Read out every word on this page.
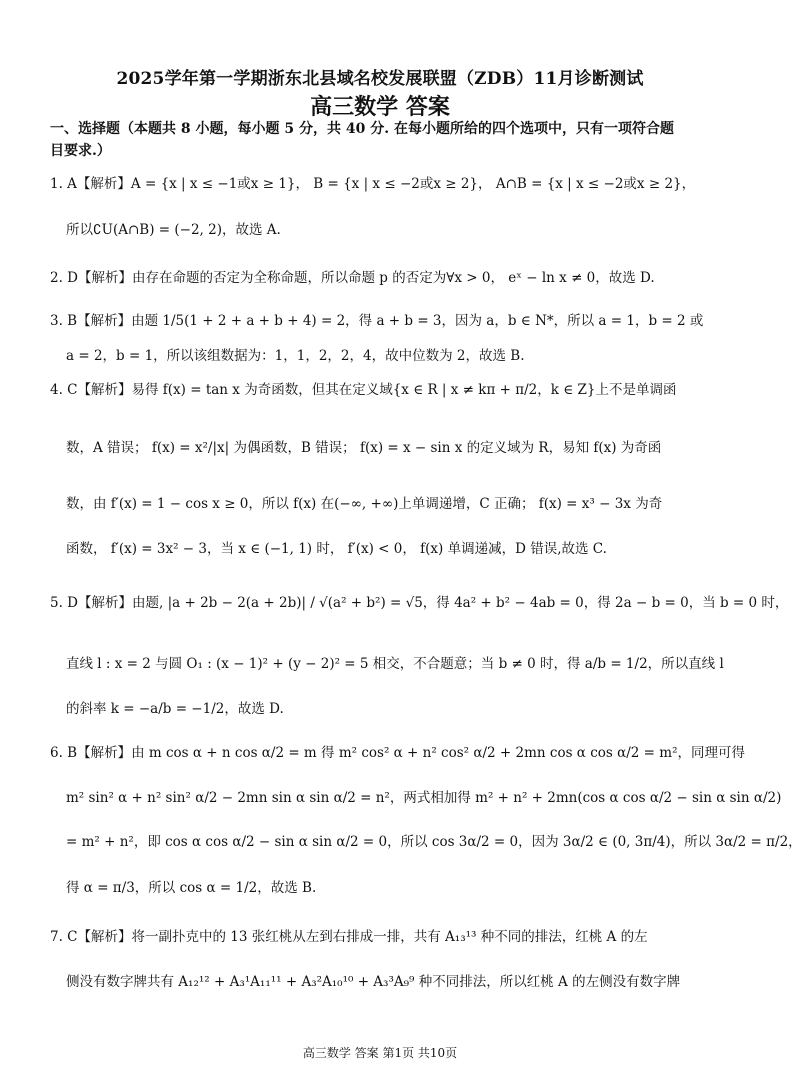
2025学年第一学期浙东北县域名校发展联盟（ZDB）11月诊断测试
高三数学 答案
一、选择题（本题共 8 小题，每小题 5 分，共 40 分. 在每小题所给的四个选项中，只有一项符合题
目要求.）
1. A【解析】A = {x | x ≤ −1或x ≥ 1}， B = {x | x ≤ −2或x ≥ 2}， A∩B = {x | x ≤ −2或x ≥ 2}，
所以∁U(A∩B) = (−2, 2)，故选 A.
2. D【解析】由存在命题的否定为全称命题，所以命题 p 的否定为∀x > 0， eˣ − ln x ≠ 0，故选 D.
3. B【解析】由题 1/5(1 + 2 + a + b + 4) = 2，得 a + b = 3，因为 a，b ∈ N*，所以 a = 1，b = 2 或
a = 2，b = 1，所以该组数据为：1，1，2，2，4，故中位数为 2，故选 B.
4. C【解析】易得 f(x) = tan x 为奇函数，但其在定义域{x ∈ R | x ≠ kπ + π/2，k ∈ Z}上不是单调函
数，A 错误； f(x) = x²/|x| 为偶函数，B 错误； f(x) = x − sin x 的定义域为 R，易知 f(x) 为奇函
数，由 f′(x) = 1 − cos x ≥ 0，所以 f(x) 在(−∞, +∞)上单调递增，C 正确； f(x) = x³ − 3x 为奇
函数， f′(x) = 3x² − 3，当 x ∈ (−1, 1) 时， f′(x) < 0， f(x) 单调递减，D 错误,故选 C.
5. D【解析】由题, |a + 2b − 2(a + 2b)| / √(a² + b²) = √5，得 4a² + b² − 4ab = 0，得 2a − b = 0，当 b = 0 时，
直线 l : x = 2 与圆 O₁ : (x − 1)² + (y − 2)² = 5 相交，不合题意；当 b ≠ 0 时，得 a/b = 1/2，所以直线 l
的斜率 k = −a/b = −1/2，故选 D.
6. B【解析】由 m cos α + n cos α/2 = m 得 m² cos² α + n² cos² α/2 + 2mn cos α cos α/2 = m²，同理可得
m² sin² α + n² sin² α/2 − 2mn sin α sin α/2 = n²，两式相加得 m² + n² + 2mn(cos α cos α/2 − sin α sin α/2)
= m² + n²，即 cos α cos α/2 − sin α sin α/2 = 0，所以 cos 3α/2 = 0，因为 3α/2 ∈ (0, 3π/4)，所以 3α/2 = π/2，
得 α = π/3，所以 cos α = 1/2，故选 B.
7. C【解析】将一副扑克中的 13 张红桃从左到右排成一排，共有 A₁₃¹³ 种不同的排法，红桃 A 的左
侧没有数字牌共有 A₁₂¹² + A₃¹A₁₁¹¹ + A₃²A₁₀¹⁰ + A₃³A₉⁹ 种不同排法，所以红桃 A 的左侧没有数字牌
高三数学 答案 第1页 共10页
